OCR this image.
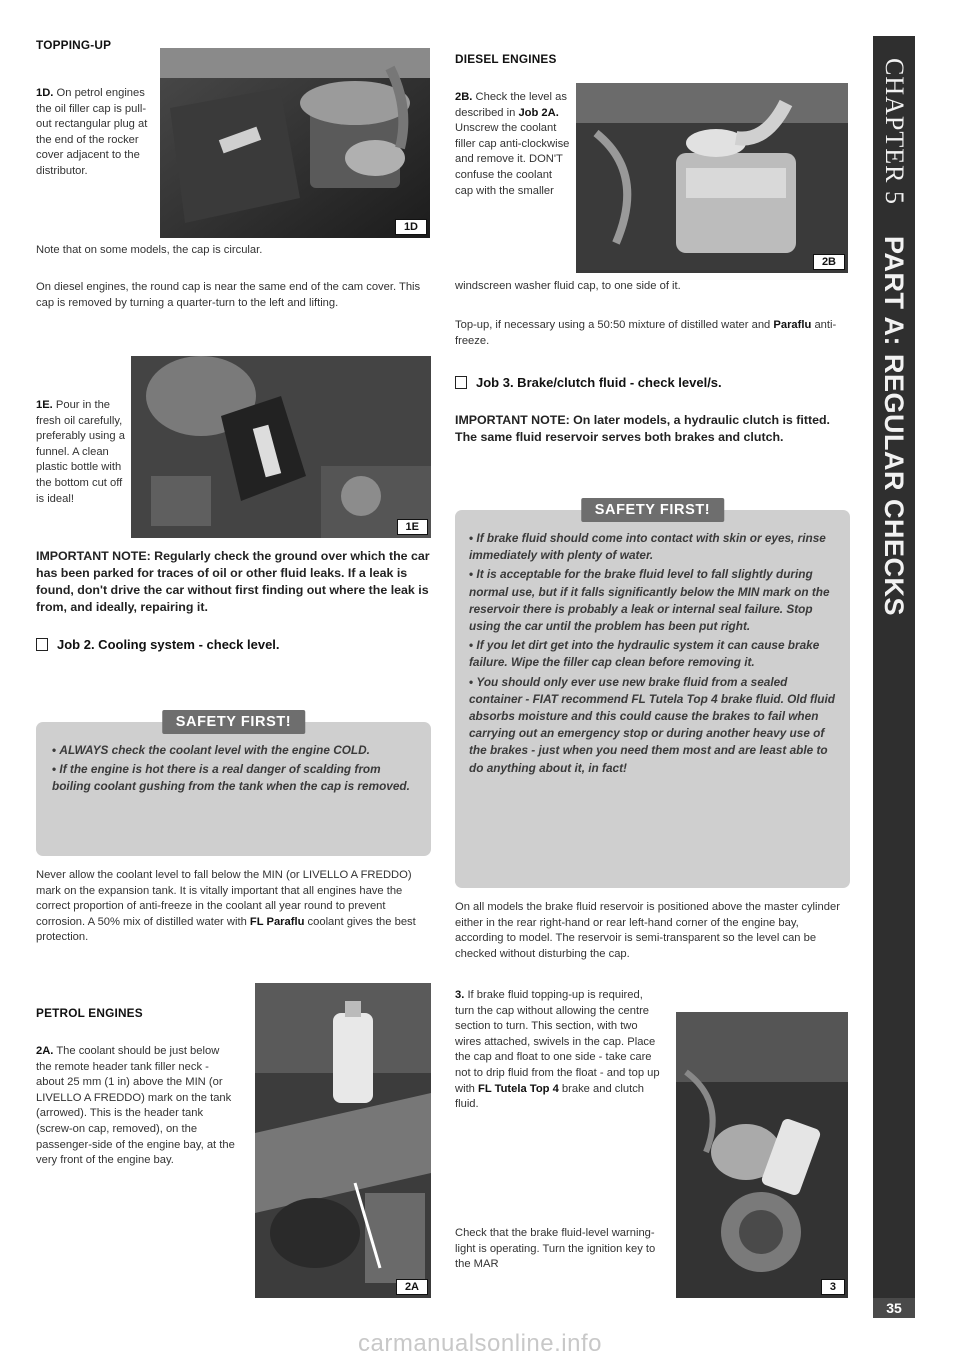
TOPPING-UP
1D. On petrol engines the oil filler cap is pull-out rectangular plug at the end of the rocker cover adjacent to the distributor.
Note that on some models, the cap is circular.
1D
On diesel engines, the round cap is near the same end of the cam cover. This cap is removed by turning a quarter-turn to the left and lifting.
1E. Pour in the fresh oil carefully, preferably using a funnel. A clean plastic bottle with the bottom cut off is ideal!
1E
IMPORTANT NOTE: Regularly check the ground over which the car has been parked for traces of oil or other fluid leaks. If a leak is found, don't drive the car without first finding out where the leak is from, and ideally, repairing it.
Job 2. Cooling system - check level.
SAFETY FIRST!
• ALWAYS check the coolant level with the engine COLD.
• If the engine is hot there is a real danger of scalding from boiling coolant gushing from the tank when the cap is removed.
Never allow the coolant level to fall below the MIN (or LIVELLO A FREDDO) mark on the expansion tank. It is vitally important that all engines have the correct proportion of anti-freeze in the coolant all year round to prevent corrosion. A 50% mix of distilled water with FL Paraflu coolant gives the best protection.
PETROL ENGINES
2A. The coolant should be just below the remote header tank filler neck - about 25 mm (1 in) above the MIN (or LIVELLO A FREDDO) mark on the tank (arrowed). This is the header tank (screw-on cap, removed), on the passenger-side of the engine bay, at the very front of the engine bay.
2A
DIESEL ENGINES
2B. Check the level as described in Job 2A. Unscrew the coolant filler cap anti-clockwise and remove it. DON'T confuse the coolant cap with the smaller
windscreen washer fluid cap, to one side of it.
2B
Top-up, if necessary using a 50:50 mixture of distilled water and Paraflu anti-freeze.
Job 3. Brake/clutch fluid - check level/s.
IMPORTANT NOTE: On later models, a hydraulic clutch is fitted. The same fluid reservoir serves both brakes and clutch.
SAFETY FIRST!
• If brake fluid should come into contact with skin or eyes, rinse immediately with plenty of water.
• It is acceptable for the brake fluid level to fall slightly during normal use, but if it falls significantly below the MIN mark on the reservoir there is probably a leak or internal seal failure. Stop using the car until the problem has been put right.
• If you let dirt get into the hydraulic system it can cause brake failure. Wipe the filler cap clean before removing it.
• You should only ever use new brake fluid from a sealed container - FIAT recommend FL Tutela Top 4 brake fluid. Old fluid absorbs moisture and this could cause the brakes to fail when carrying out an emergency stop or during another heavy use of the brakes - just when you need them most and are least able to do anything about it, in fact!
On all models the brake fluid reservoir is positioned above the master cylinder either in the rear right-hand or rear left-hand corner of the engine bay, according to model. The reservoir is semi-transparent so the level can be checked without disturbing the cap.
3. If brake fluid topping-up is required, turn the cap without allowing the centre section to turn. This section, with two wires attached, swivels in the cap. Place the cap and float to one side - take care not to drip fluid from the float - and top up with FL Tutela Top 4 brake and clutch fluid.
Check that the brake fluid-level warning-light is operating. Turn the ignition key to the MAR
3
CHAPTER 5
PART A: REGULAR CHECKS
35
carmanualsonline.info
